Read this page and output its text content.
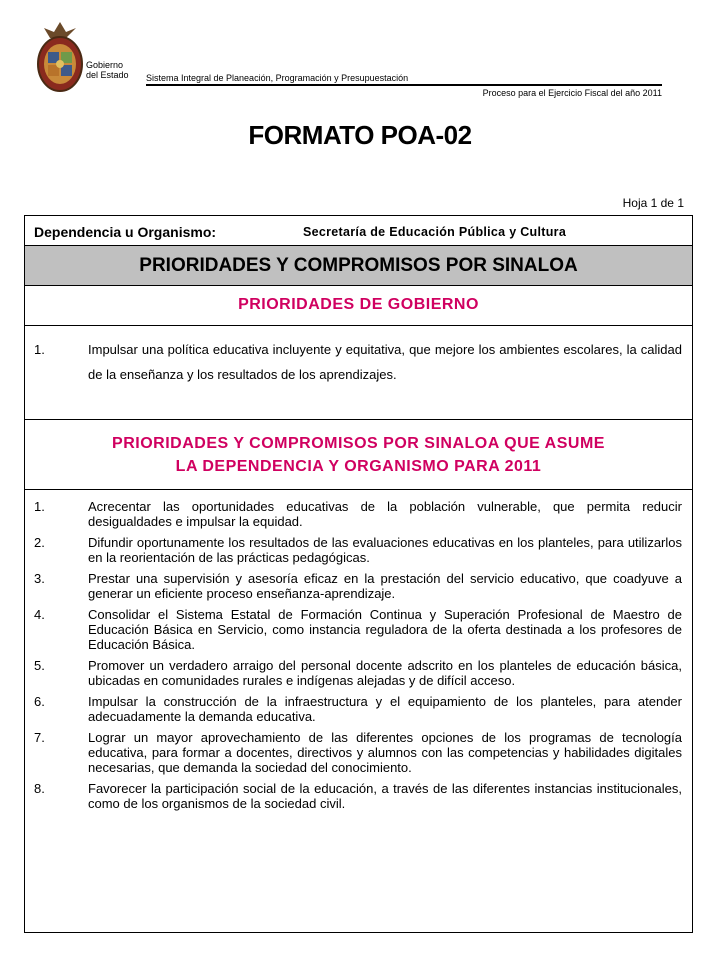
Gobierno
del Estado Sistema Integral de Planeación, Programación y Presupuestación
Proceso para el Ejercicio Fiscal del año 2011
FORMATO POA-02
Hoja 1 de 1
Dependencia u Organismo:	Secretaría de Educación Pública y Cultura
PRIORIDADES Y COMPROMISOS POR SINALOA
PRIORIDADES DE GOBIERNO
1.	Impulsar una política educativa incluyente y equitativa, que mejore los ambientes escolares, la calidad de la enseñanza y los resultados de los aprendizajes.
PRIORIDADES Y COMPROMISOS POR SINALOA QUE ASUME
LA DEPENDENCIA Y ORGANISMO PARA 2011
1.	Acrecentar las oportunidades educativas de la población vulnerable, que permita reducir desigualdades e impulsar la equidad.
2.	Difundir oportunamente los resultados de las evaluaciones educativas en los planteles, para utilizarlos en la reorientación de las prácticas pedagógicas.
3.	Prestar una supervisión y asesoría eficaz en la prestación del servicio educativo, que coadyuve a generar un eficiente proceso enseñanza-aprendizaje.
4.	Consolidar el Sistema Estatal de Formación Continua y Superación Profesional de Maestro de Educación Básica en Servicio, como instancia reguladora de la oferta destinada a los profesores de Educación Básica.
5.	Promover un verdadero arraigo del personal docente adscrito en los planteles de educación básica, ubicadas en comunidades rurales e indígenas alejadas y de difícil acceso.
6.	Impulsar la construcción de la infraestructura y el equipamiento de los planteles, para atender adecuadamente la demanda educativa.
7.	Lograr un mayor aprovechamiento de las diferentes opciones de los programas de tecnología educativa, para formar a docentes, directivos y alumnos con las competencias y habilidades digitales necesarias, que demanda la sociedad del conocimiento.
8.	Favorecer la participación social de la educación, a través de las diferentes instancias institucionales, como de los organismos de la sociedad civil.
